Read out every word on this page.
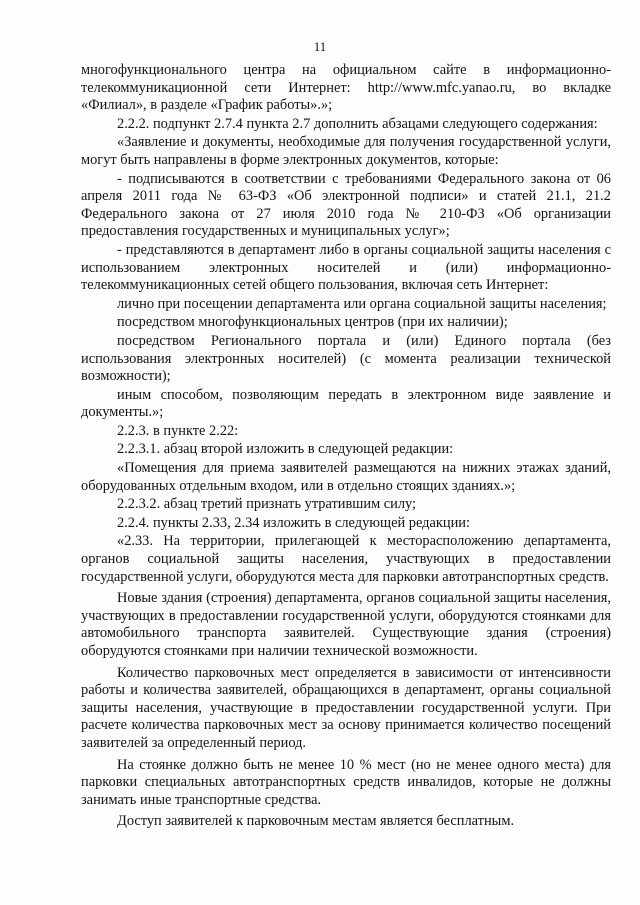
11

многофункционального центра на официальном сайте в информационно-телекоммуникационной сети Интернет: http://www.mfc.yanao.ru, во вкладке «Филиал», в разделе «График работы».»;

2.2.2. подпункт 2.7.4 пункта 2.7 дополнить абзацами следующего содержания:

«Заявление и документы, необходимые для получения государственной услуги, могут быть направлены в форме электронных документов, которые:

- подписываются в соответствии с требованиями Федерального закона от 06 апреля 2011 года № 63-ФЗ «Об электронной подписи» и статей 21.1, 21.2 Федерального закона от 27 июля 2010 года № 210-ФЗ «Об организации предоставления государственных и муниципальных услуг»;

- представляются в департамент либо в органы социальной защиты населения с использованием электронных носителей и (или) информационно-телекоммуникационных сетей общего пользования, включая сеть Интернет:

лично при посещении департамента или органа социальной защиты населения;

посредством многофункциональных центров (при их наличии);

посредством Регионального портала и (или) Единого портала (без использования электронных носителей) (с момента реализации технической возможности);

иным способом, позволяющим передать в электронном виде заявление и документы.»;

2.2.3. в пункте 2.22:

2.2.3.1. абзац второй изложить в следующей редакции:

«Помещения для приема заявителей размещаются на нижних этажах зданий, оборудованных отдельным входом, или в отдельно стоящих зданиях.»;

2.2.3.2. абзац третий признать утратившим силу;

2.2.4. пункты 2.33, 2.34 изложить в следующей редакции:

«2.33. На территории, прилегающей к месторасположению департамента, органов социальной защиты населения, участвующих в предоставлении государственной услуги, оборудуются места для парковки автотранспортных средств.

Новые здания (строения) департамента, органов социальной защиты населения, участвующих в предоставлении государственной услуги, оборудуются стоянками для автомобильного транспорта заявителей. Существующие здания (строения) оборудуются стоянками при наличии технической возможности.

Количество парковочных мест определяется в зависимости от интенсивности работы и количества заявителей, обращающихся в департамент, органы социальной защиты населения, участвующие в предоставлении государственной услуги. При расчете количества парковочных мест за основу принимается количество посещений заявителей за определенный период.

На стоянке должно быть не менее 10 % мест (но не менее одного места) для парковки специальных автотранспортных средств инвалидов, которые не должны занимать иные транспортные средства.

Доступ заявителей к парковочным местам является бесплатным.
